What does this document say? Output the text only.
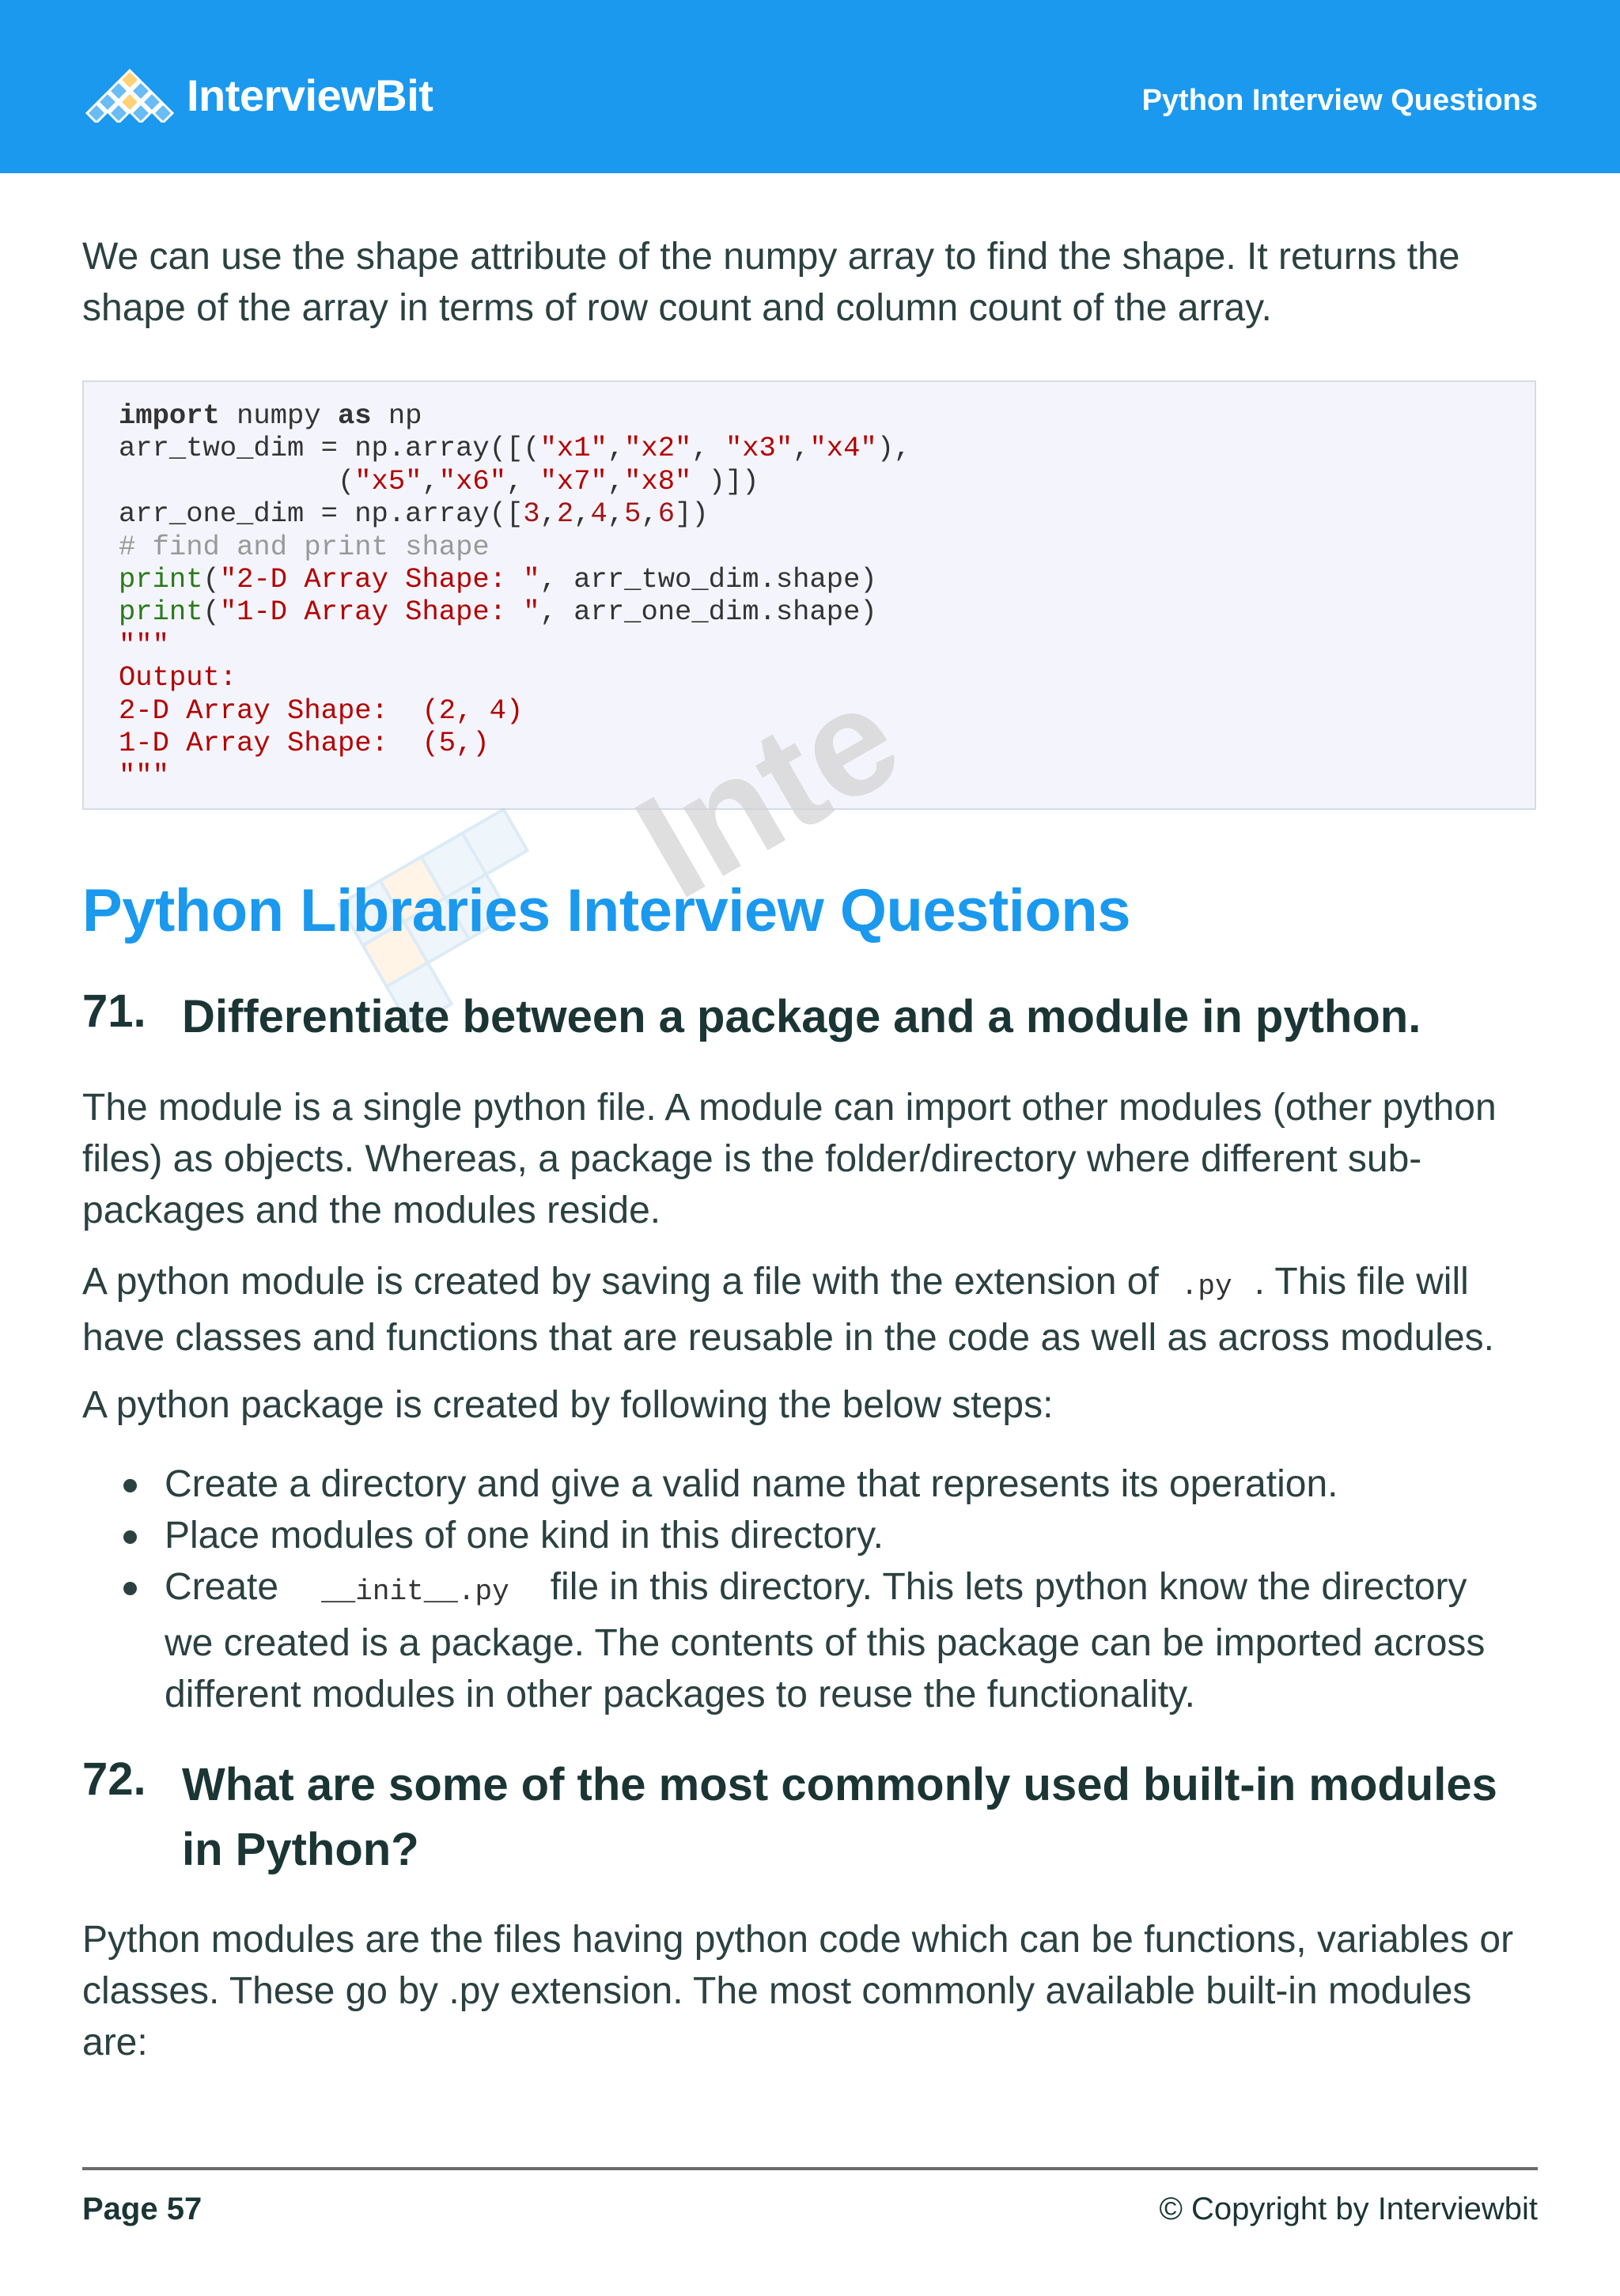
InterviewBit	Python Interview Questions

We can use the shape attribute of the numpy array to find the shape. It returns the shape of the array in terms of row count and column count of the array.

import numpy as np
arr_two_dim = np.array([("x1","x2", "x3","x4"),
("x5","x6", "x7","x8" )])
arr_one_dim = np.array([3,2,4,5,6])
# find and print shape
print("2-D Array Shape: ", arr_two_dim.shape)
print("1-D Array Shape: ", arr_one_dim.shape)
"""
Output:
2-D Array Shape:  (2, 4)
1-D Array Shape:  (5,)
"""	Inte
Python Libraries Interview Questions
71. Differentiate between a package and a module in python.

The module is a single python file. A module can import other modules (other python

files) as objects. Whereas, a package is the folder/directory where different sub-

packages and the modules reside.

A python module is created by saving a file with the extension of .py . This file will

have classes and functions that are reusable in the code as well as across modules.

A python package is created by following the below steps:

Create a directory and give a valid name that represents its operation.
Place modules of one kind in this directory.
Create __init__.py file in this directory. This lets python know the directory
we created is a package. The contents of this package can be imported across
different modules in other packages to reuse the functionality.
72. What are some of the most commonly used built-in modules
in Python?

Python modules are the files having python code which can be functions, variables or

classes. These go by .py extension. The most commonly available built-in modules

are:

Page 57	© Copyright by Interviewbit
